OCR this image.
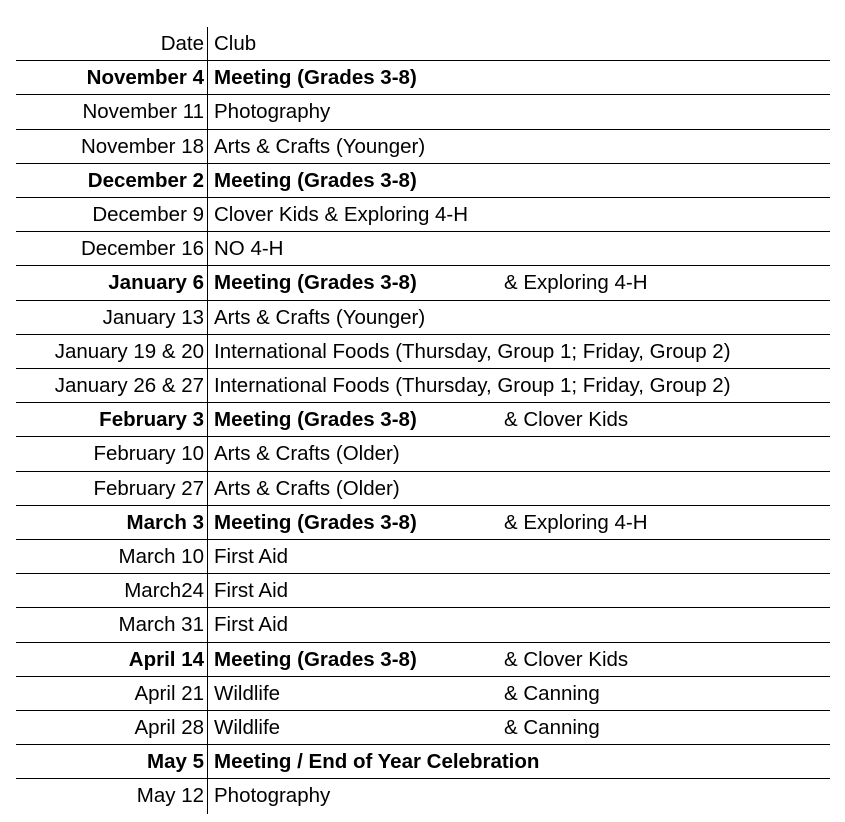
Date Club
November 4 Meeting (Grades 3-8)
November 11 Photography
November 18 Arts & Crafts (Younger)
December 2 Meeting (Grades 3-8)
December 9 Clover Kids & Exploring 4-H
December 16 NO 4-H
January 6 Meeting (Grades 3-8)	& Exploring 4-H
January 13 Arts & Crafts (Younger)
January 19 & 20 International Foods (Thursday, Group 1; Friday, Group 2)
January 26 & 27 International Foods (Thursday, Group 1; Friday, Group 2)
February 3 Meeting (Grades 3-8)	& Clover Kids
February 10 Arts & Crafts (Older)
February 27 Arts & Crafts (Older)
March 3 Meeting (Grades 3-8)	& Exploring 4-H
March 10 First Aid
March24 First Aid
March 31 First Aid
April 14 Meeting (Grades 3-8)	& Clover Kids
April 21 Wildlife	& Canning
April 28 Wildlife	& Canning
May 5 Meeting / End of Year Celebration
May 12 Photography
